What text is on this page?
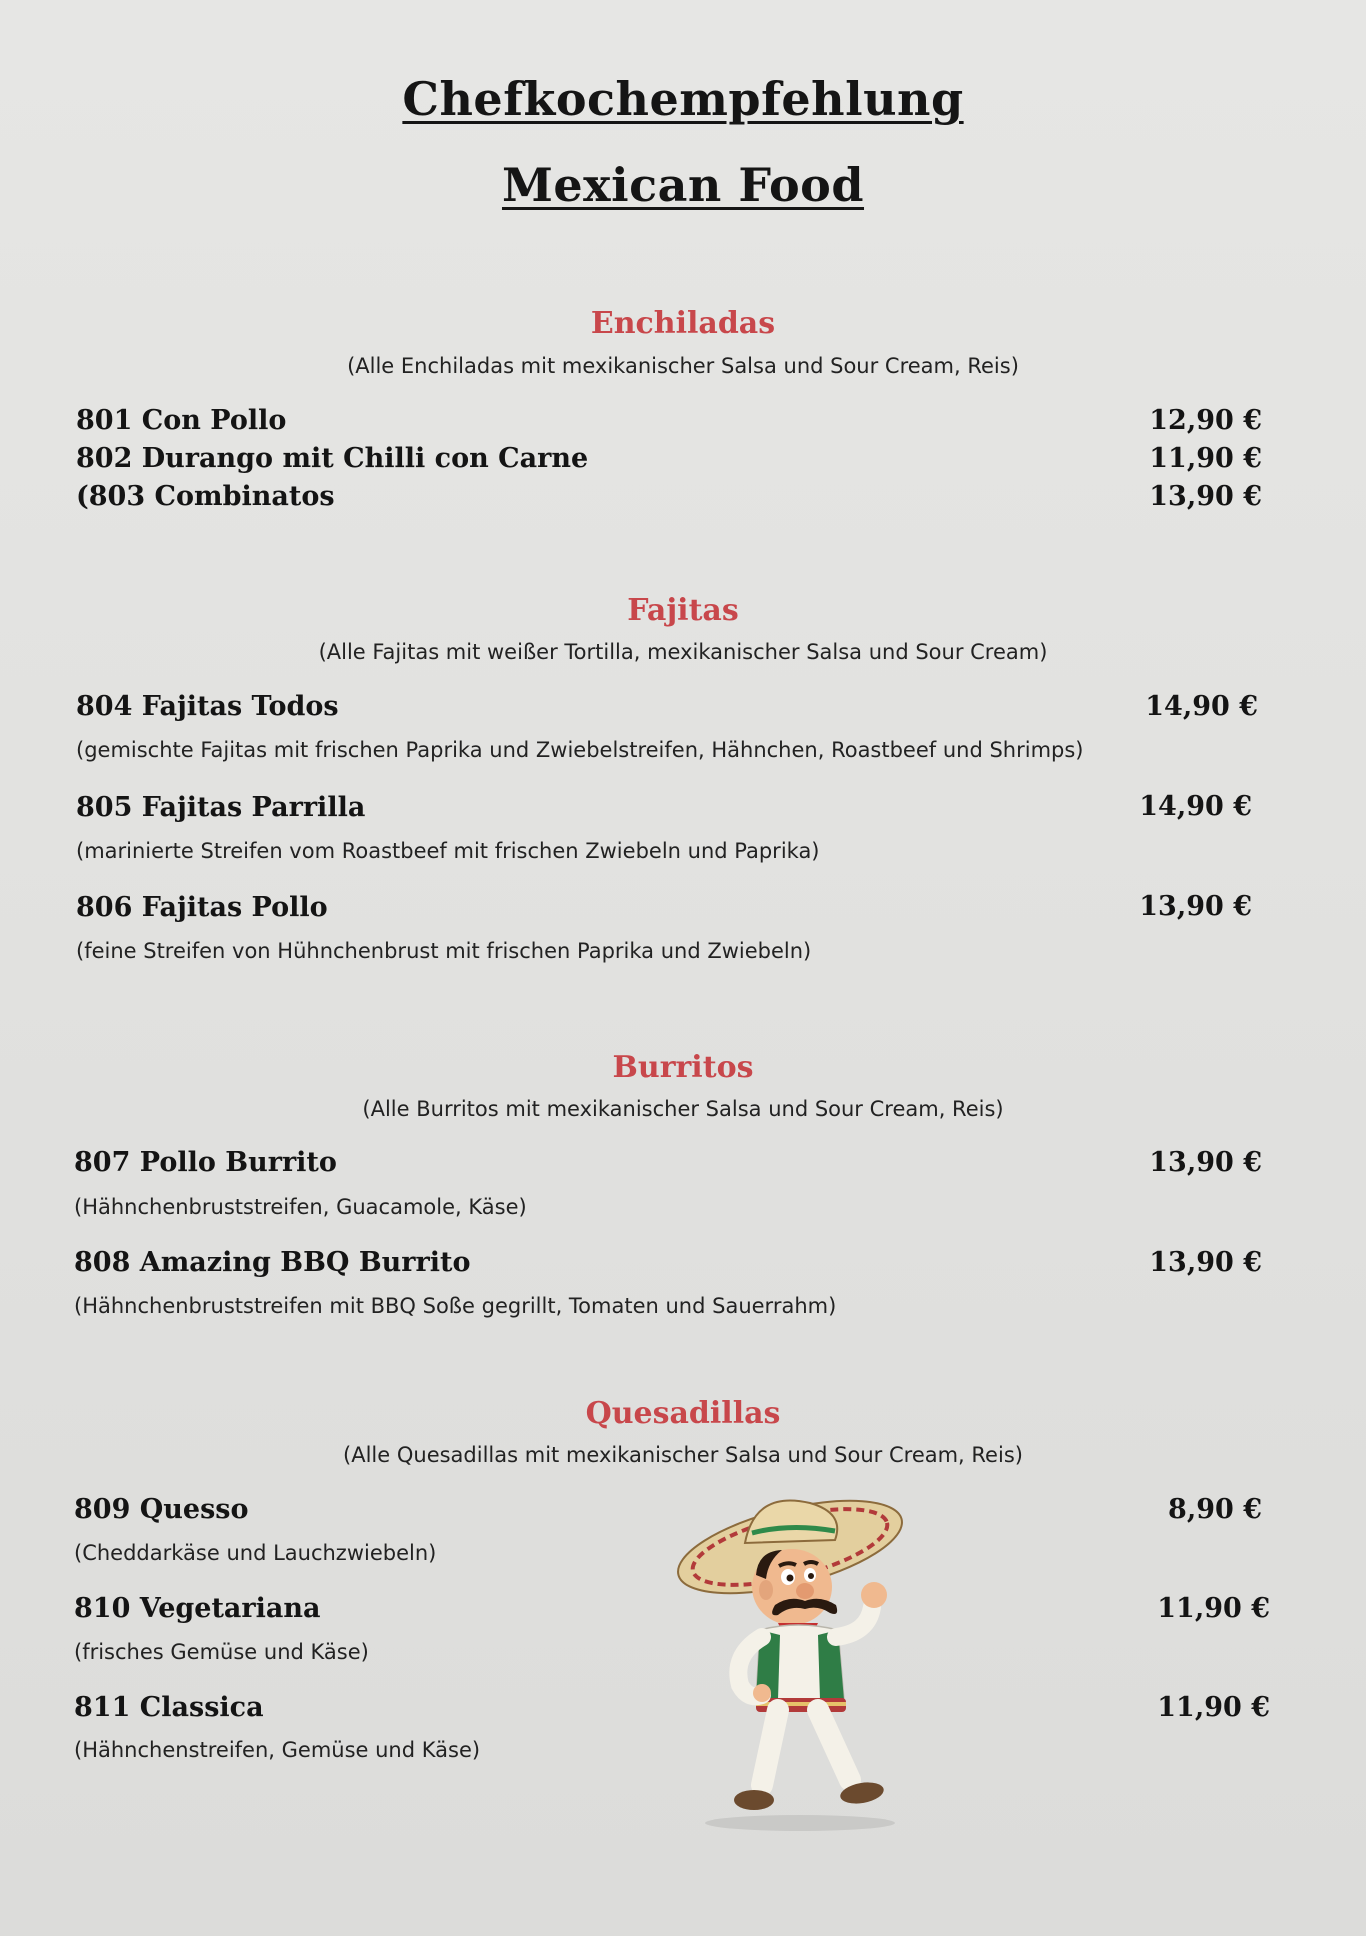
Chefkochempfehlung
Mexican Food
Enchiladas
(Alle Enchiladas mit mexikanischer Salsa und Sour Cream, Reis)
801 Con Pollo	12,90 €
802 Durango mit Chilli con Carne	11,90 €
(803 Combinatos	13,90 €
Fajitas
(Alle Fajitas mit weißer Tortilla, mexikanischer Salsa und Sour Cream)
804 Fajitas Todos	14,90 €
(gemischte Fajitas mit frischen Paprika und Zwiebelstreifen, Hähnchen, Roastbeef und Shrimps)
805 Fajitas Parrilla	14,90 €
(marinierte Streifen vom Roastbeef mit frischen Zwiebeln und Paprika)
806 Fajitas Pollo	13,90 €
(feine Streifen von Hühnchenbrust mit frischen Paprika und Zwiebeln)
Burritos
(Alle Burritos mit mexikanischer Salsa und Sour Cream, Reis)
807 Pollo Burrito	13,90 €
(Hähnchenbruststreifen, Guacamole, Käse)
808 Amazing BBQ Burrito	13,90 €
(Hähnchenbruststreifen mit BBQ Soße gegrillt, Tomaten und Sauerrahm)
Quesadillas
(Alle Quesadillas mit mexikanischer Salsa und Sour Cream, Reis)
809 Quesso	8,90 €
(Cheddarkäse und Lauchzwiebeln)
810 Vegetariana	11,90 €
(frisches Gemüse und Käse)
811 Classica	11,90 €
(Hähnchenstreifen, Gemüse und Käse)
